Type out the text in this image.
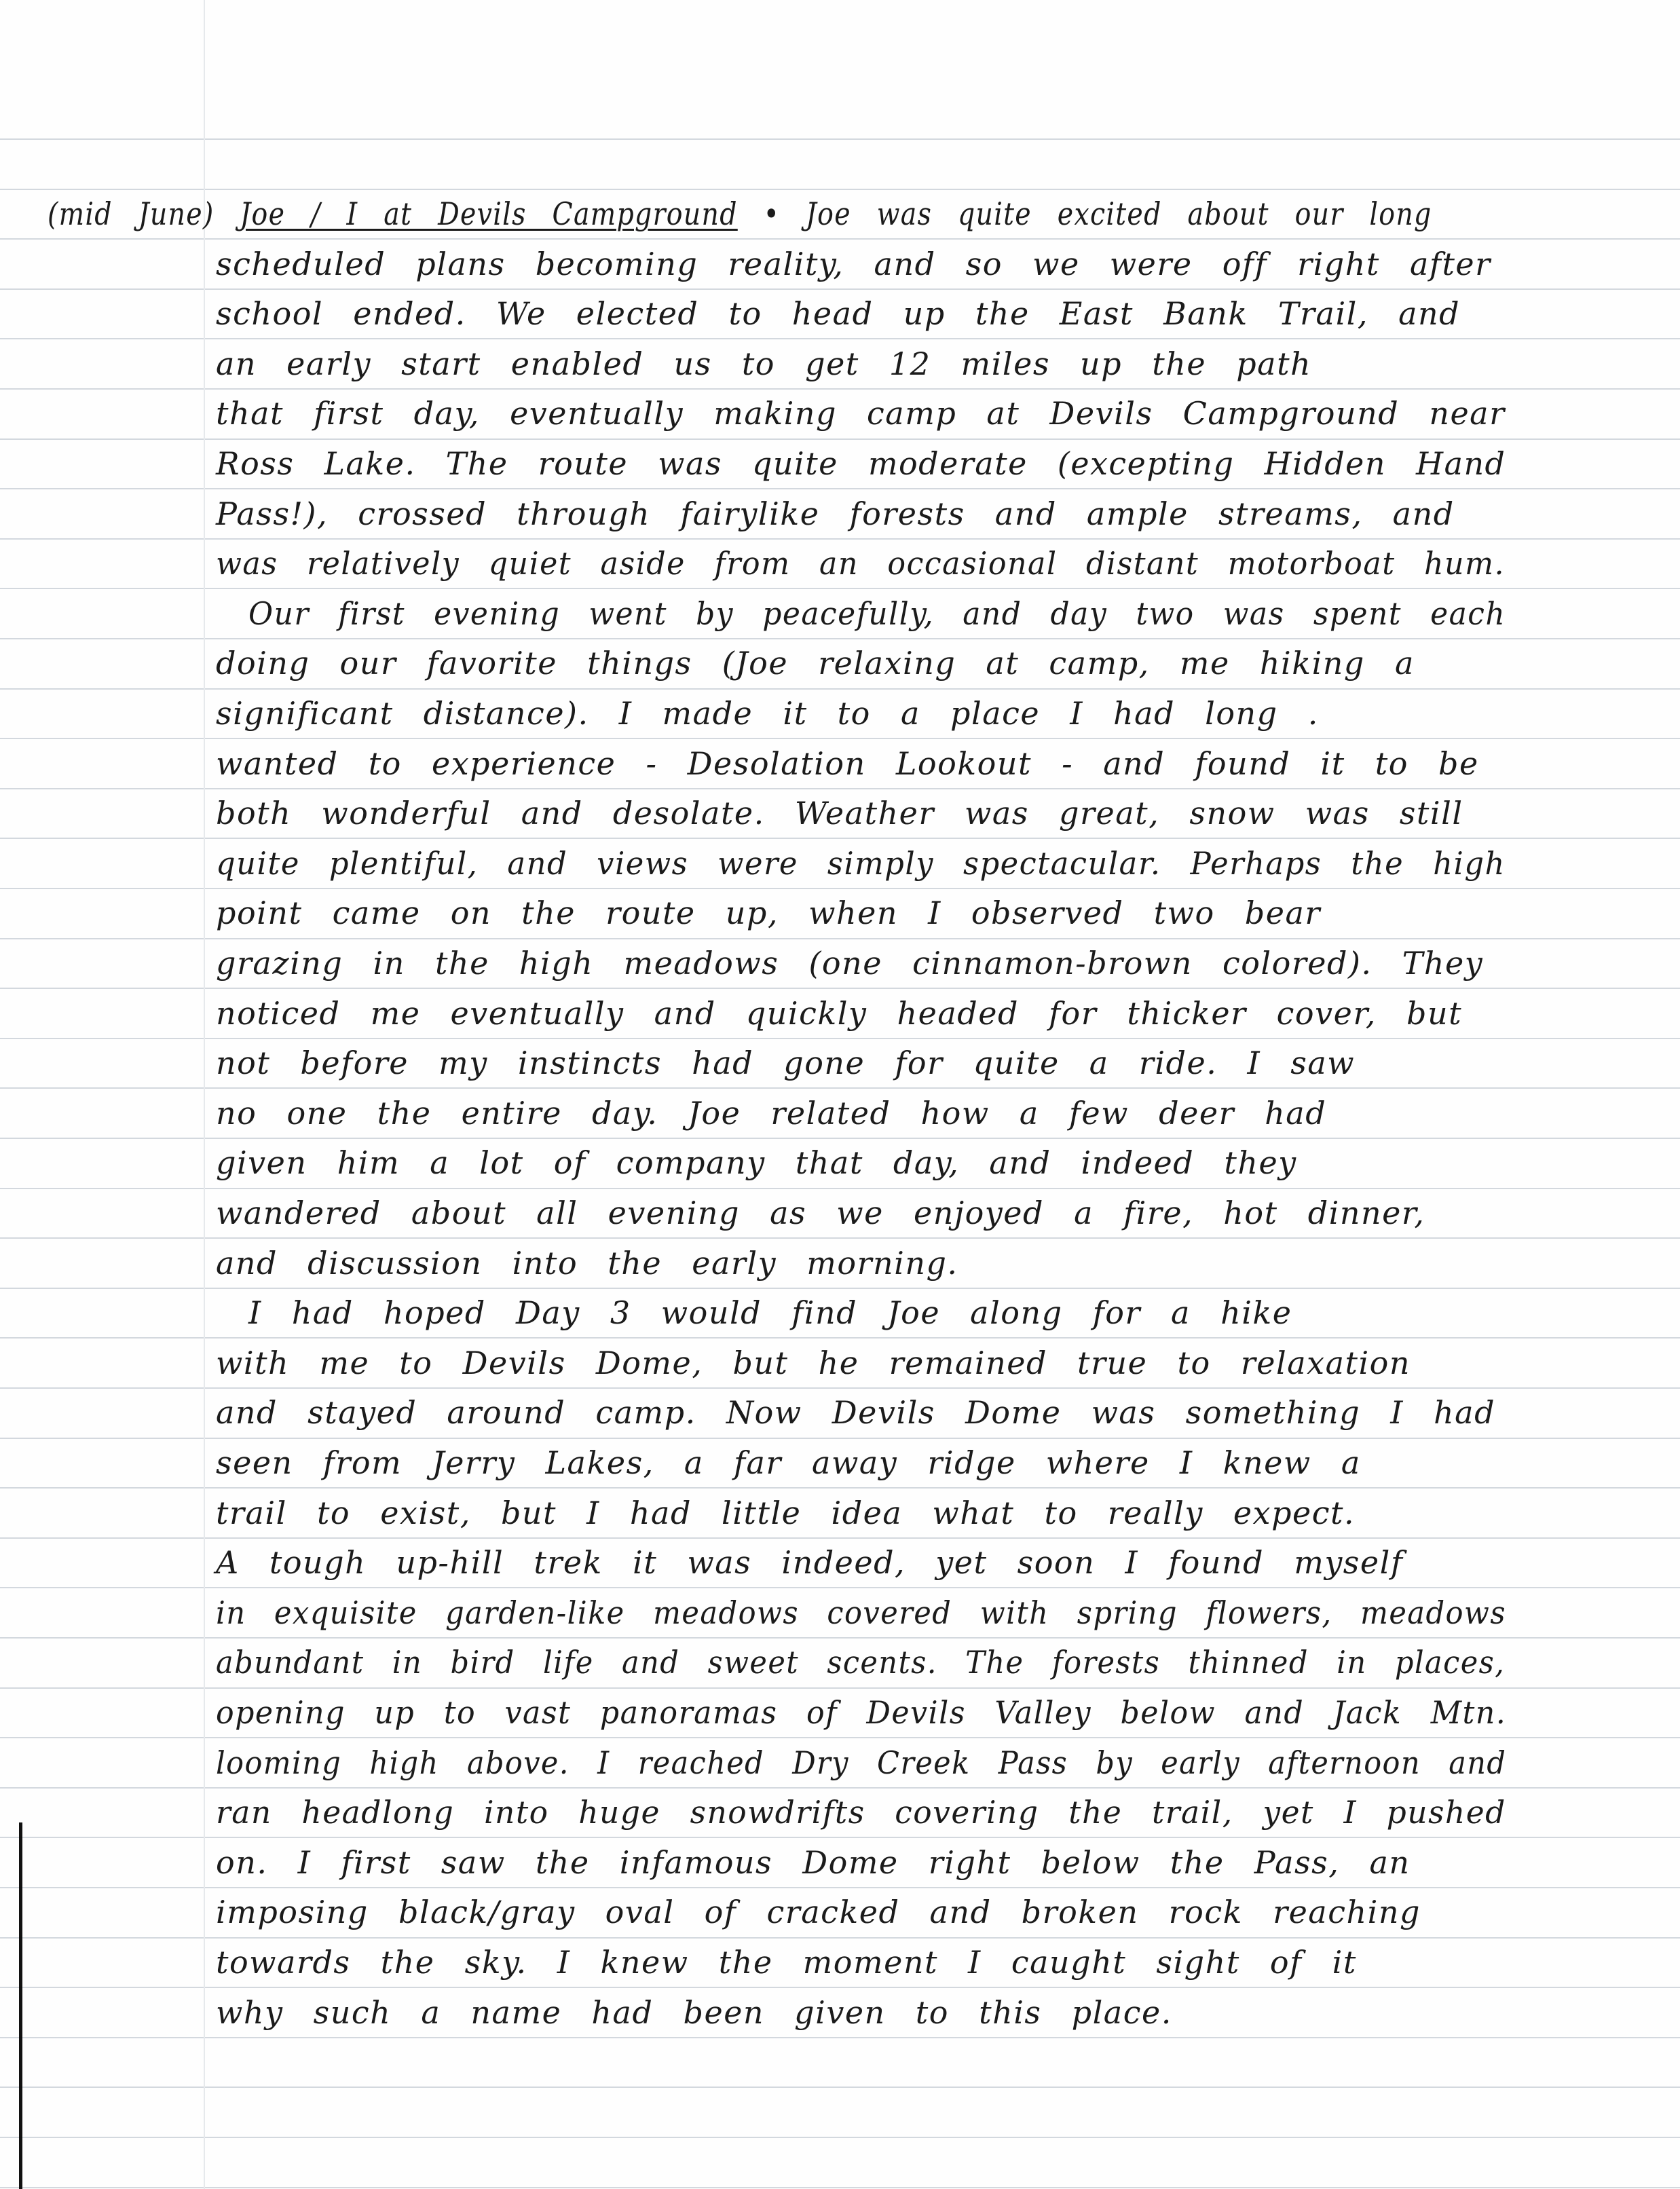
(mid June) Joe / I at Devils Campground • Joe was quite excited about our long
scheduled plans becoming reality, and so we were off right after
school ended. We elected to head up the East Bank Trail, and
an early start enabled us to get 12 miles up the path
that first day, eventually making camp at Devils Campground near
Ross Lake. The route was quite moderate (excepting Hidden Hand
Pass!), crossed through fairylike forests and ample streams, and
was relatively quiet aside from an occasional distant motorboat hum.
Our first evening went by peacefully, and day two was spent each
doing our favorite things (Joe relaxing at camp, me hiking a
significant distance). I made it to a place I had long .
wanted to experience - Desolation Lookout - and found it to be
both wonderful and desolate. Weather was great, snow was still
quite plentiful, and views were simply spectacular. Perhaps the high
point came on the route up, when I observed two bear
grazing in the high meadows (one cinnamon-brown colored). They
noticed me eventually and quickly headed for thicker cover, but
not before my instincts had gone for quite a ride. I saw
no one the entire day. Joe related how a few deer had
given him a lot of company that day, and indeed they
wandered about all evening as we enjoyed a fire, hot dinner,
and discussion into the early morning.
I had hoped Day 3 would find Joe along for a hike
with me to Devils Dome, but he remained true to relaxation
and stayed around camp. Now Devils Dome was something I had
seen from Jerry Lakes, a far away ridge where I knew a
trail to exist, but I had little idea what to really expect.
A tough up-hill trek it was indeed, yet soon I found myself
in exquisite garden-like meadows covered with spring flowers, meadows
abundant in bird life and sweet scents. The forests thinned in places,
opening up to vast panoramas of Devils Valley below and Jack Mtn.
looming high above. I reached Dry Creek Pass by early afternoon and
ran headlong into huge snowdrifts covering the trail, yet I pushed
on. I first saw the infamous Dome right below the Pass, an
imposing black/gray oval of cracked and broken rock reaching
towards the sky. I knew the moment I caught sight of it
why such a name had been given to this place.
